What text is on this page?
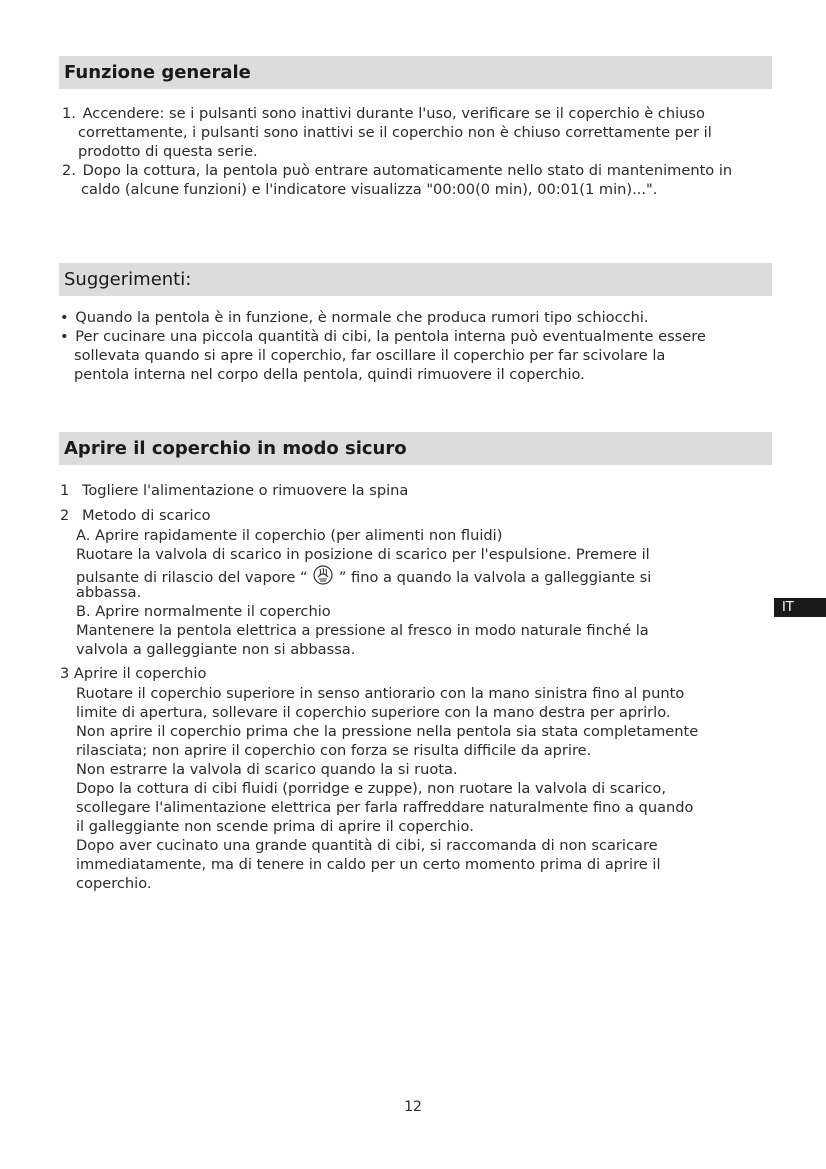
Funzione generale
1. Accendere: se i pulsanti sono inattivi durante l'uso, verificare se il coperchio è chiuso
correttamente, i pulsanti sono inattivi se il coperchio non è chiuso correttamente per il
prodotto di questa serie.
2. Dopo la cottura, la pentola può entrare automaticamente nello stato di mantenimento in
caldo (alcune funzioni) e l'indicatore visualizza "00:00(0 min), 00:01(1 min)...".
Suggerimenti:
• Quando la pentola è in funzione, è normale che produca rumori tipo schiocchi.
• Per cucinare una piccola quantità di cibi, la pentola interna può eventualmente essere
sollevata quando si apre il coperchio, far oscillare il coperchio per far scivolare la
pentola interna nel corpo della pentola, quindi rimuovere il coperchio.
Aprire il coperchio in modo sicuro
1 Togliere l'alimentazione o rimuovere la spina
2 Metodo di scarico
A. Aprire rapidamente il coperchio (per alimenti non fluidi)
Ruotare la valvola di scarico in posizione di scarico per l'espulsione. Premere il
pulsante di rilascio del vapore “ ” fino a quando la valvola a galleggiante si
abbassa.
B. Aprire normalmente il coperchio
Mantenere la pentola elettrica a pressione al fresco in modo naturale finché la
valvola a galleggiante non si abbassa.
3 Aprire il coperchio
Ruotare il coperchio superiore in senso antiorario con la mano sinistra fino al punto
limite di apertura, sollevare il coperchio superiore con la mano destra per aprirlo.
Non aprire il coperchio prima che la pressione nella pentola sia stata completamente
rilasciata; non aprire il coperchio con forza se risulta difficile da aprire.
Non estrarre la valvola di scarico quando la si ruota.
Dopo la cottura di cibi fluidi (porridge e zuppe), non ruotare la valvola di scarico,
scollegare l'alimentazione elettrica per farla raffreddare naturalmente fino a quando
il galleggiante non scende prima di aprire il coperchio.
Dopo aver cucinato una grande quantità di cibi, si raccomanda di non scaricare
immediatamente, ma di tenere in caldo per un certo momento prima di aprire il
coperchio.
IT
12
